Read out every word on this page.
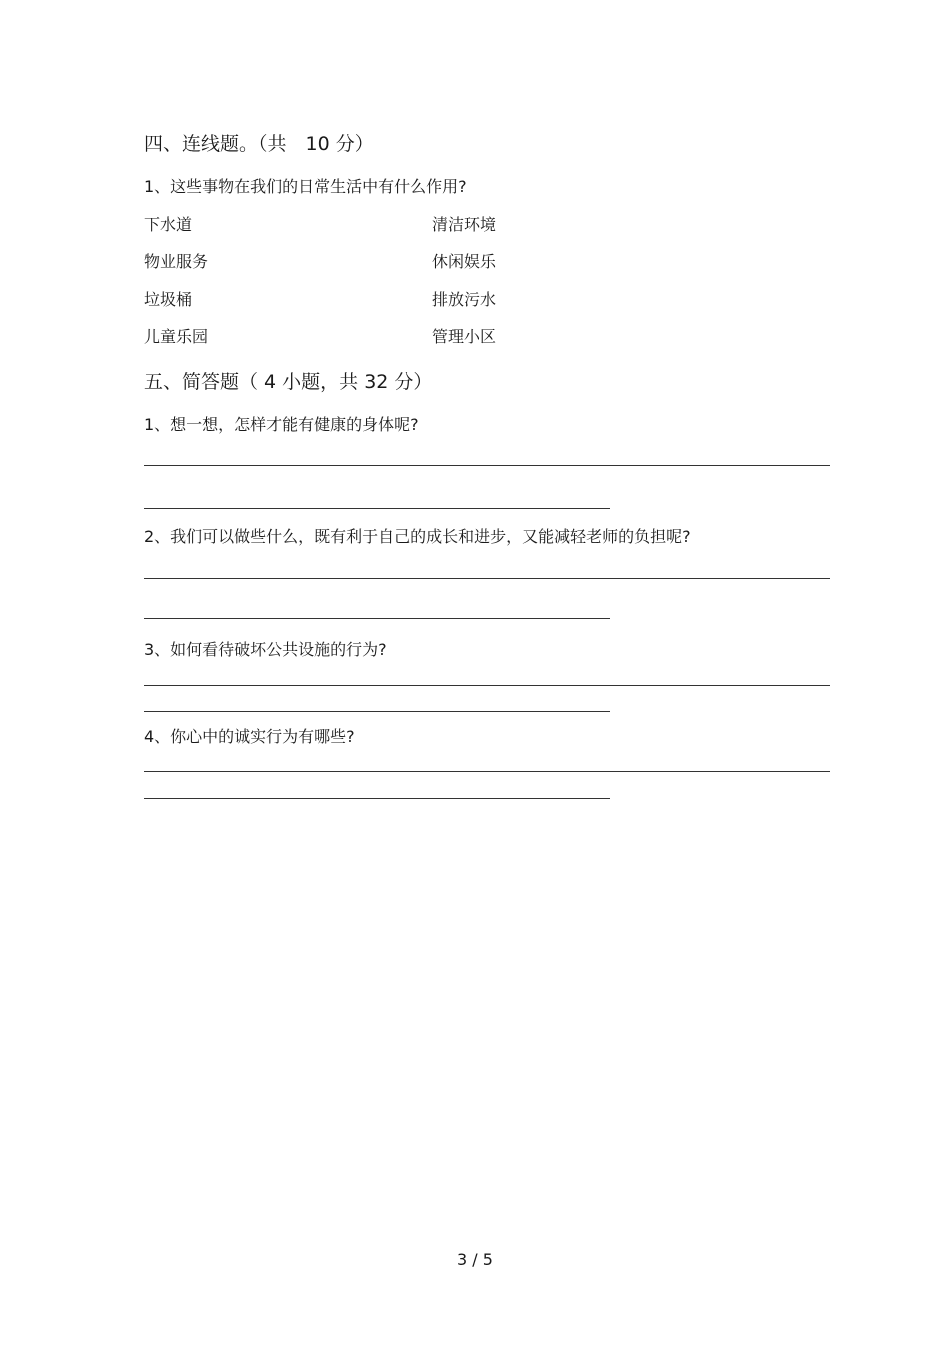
四、连线题。（共　10 分）
1、这些事物在我们的日常生活中有什么作用?
下水道	清洁环境
物业服务	休闲娱乐
垃圾桶	排放污水
儿童乐园	管理小区
五、简答题（ 4 小题，共 32 分）
1、想一想，怎样才能有健康的身体呢?
2、我们可以做些什么，既有利于自己的成长和进步，又能减轻老师的负担呢?
3、如何看待破坏公共设施的行为?
4、你心中的诚实行为有哪些?
3 / 5
